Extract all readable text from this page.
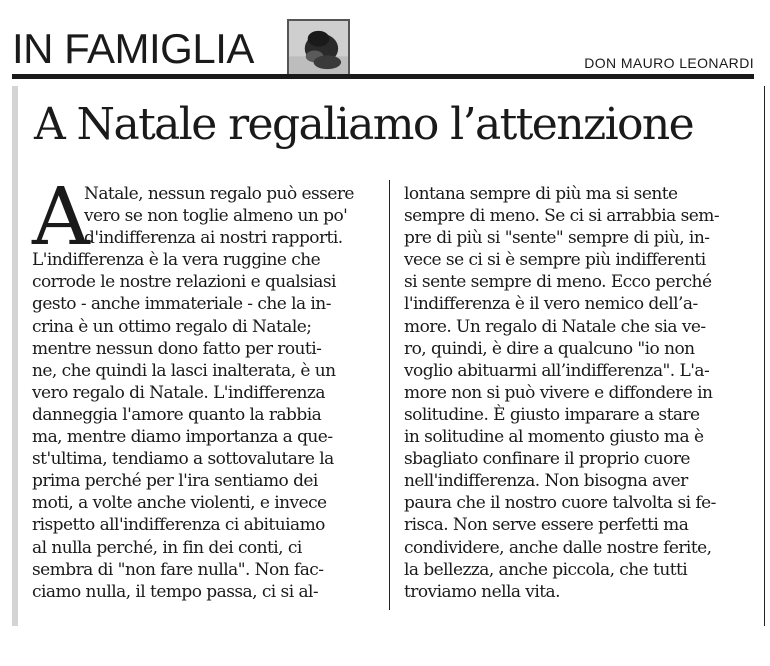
IN FAMIGLIA	DON MAURO LEONARDI
A Natale regaliamo l’attenzione
A
Natale, nessun regalo può essere
vero se non toglie almeno un po'
d'indifferenza ai nostri rapporti.
L'indifferenza è la vera ruggine che
corrode le nostre relazioni e qualsiasi
gesto - anche immateriale - che la in-
crina è un ottimo regalo di Natale;
mentre nessun dono fatto per routi-
ne, che quindi la lasci inalterata, è un
vero regalo di Natale. L'indifferenza
danneggia l'amore quanto la rabbia
ma, mentre diamo importanza a que-
st'ultima, tendiamo a sottovalutare la
prima perché per l'ira sentiamo dei
moti, a volte anche violenti, e invece
rispetto all'indifferenza ci abituiamo
al nulla perché, in fin dei conti, ci
sembra di "non fare nulla". Non fac-
ciamo nulla, il tempo passa, ci si al-
lontana sempre di più ma si sente
sempre di meno. Se ci si arrabbia sem-
pre di più si "sente" sempre di più, in-
vece se ci si è sempre più indifferenti
si sente sempre di meno. Ecco perché
l'indifferenza è il vero nemico dell’a-
more. Un regalo di Natale che sia ve-
ro, quindi, è dire a qualcuno "io non
voglio abituarmi all’indifferenza". L'a-
more non si può vivere e diffondere in
solitudine. È giusto imparare a stare
in solitudine al momento giusto ma è
sbagliato confinare il proprio cuore
nell'indifferenza. Non bisogna aver
paura che il nostro cuore talvolta si fe-
risca. Non serve essere perfetti ma
condividere, anche dalle nostre ferite,
la bellezza, anche piccola, che tutti
troviamo nella vita.
